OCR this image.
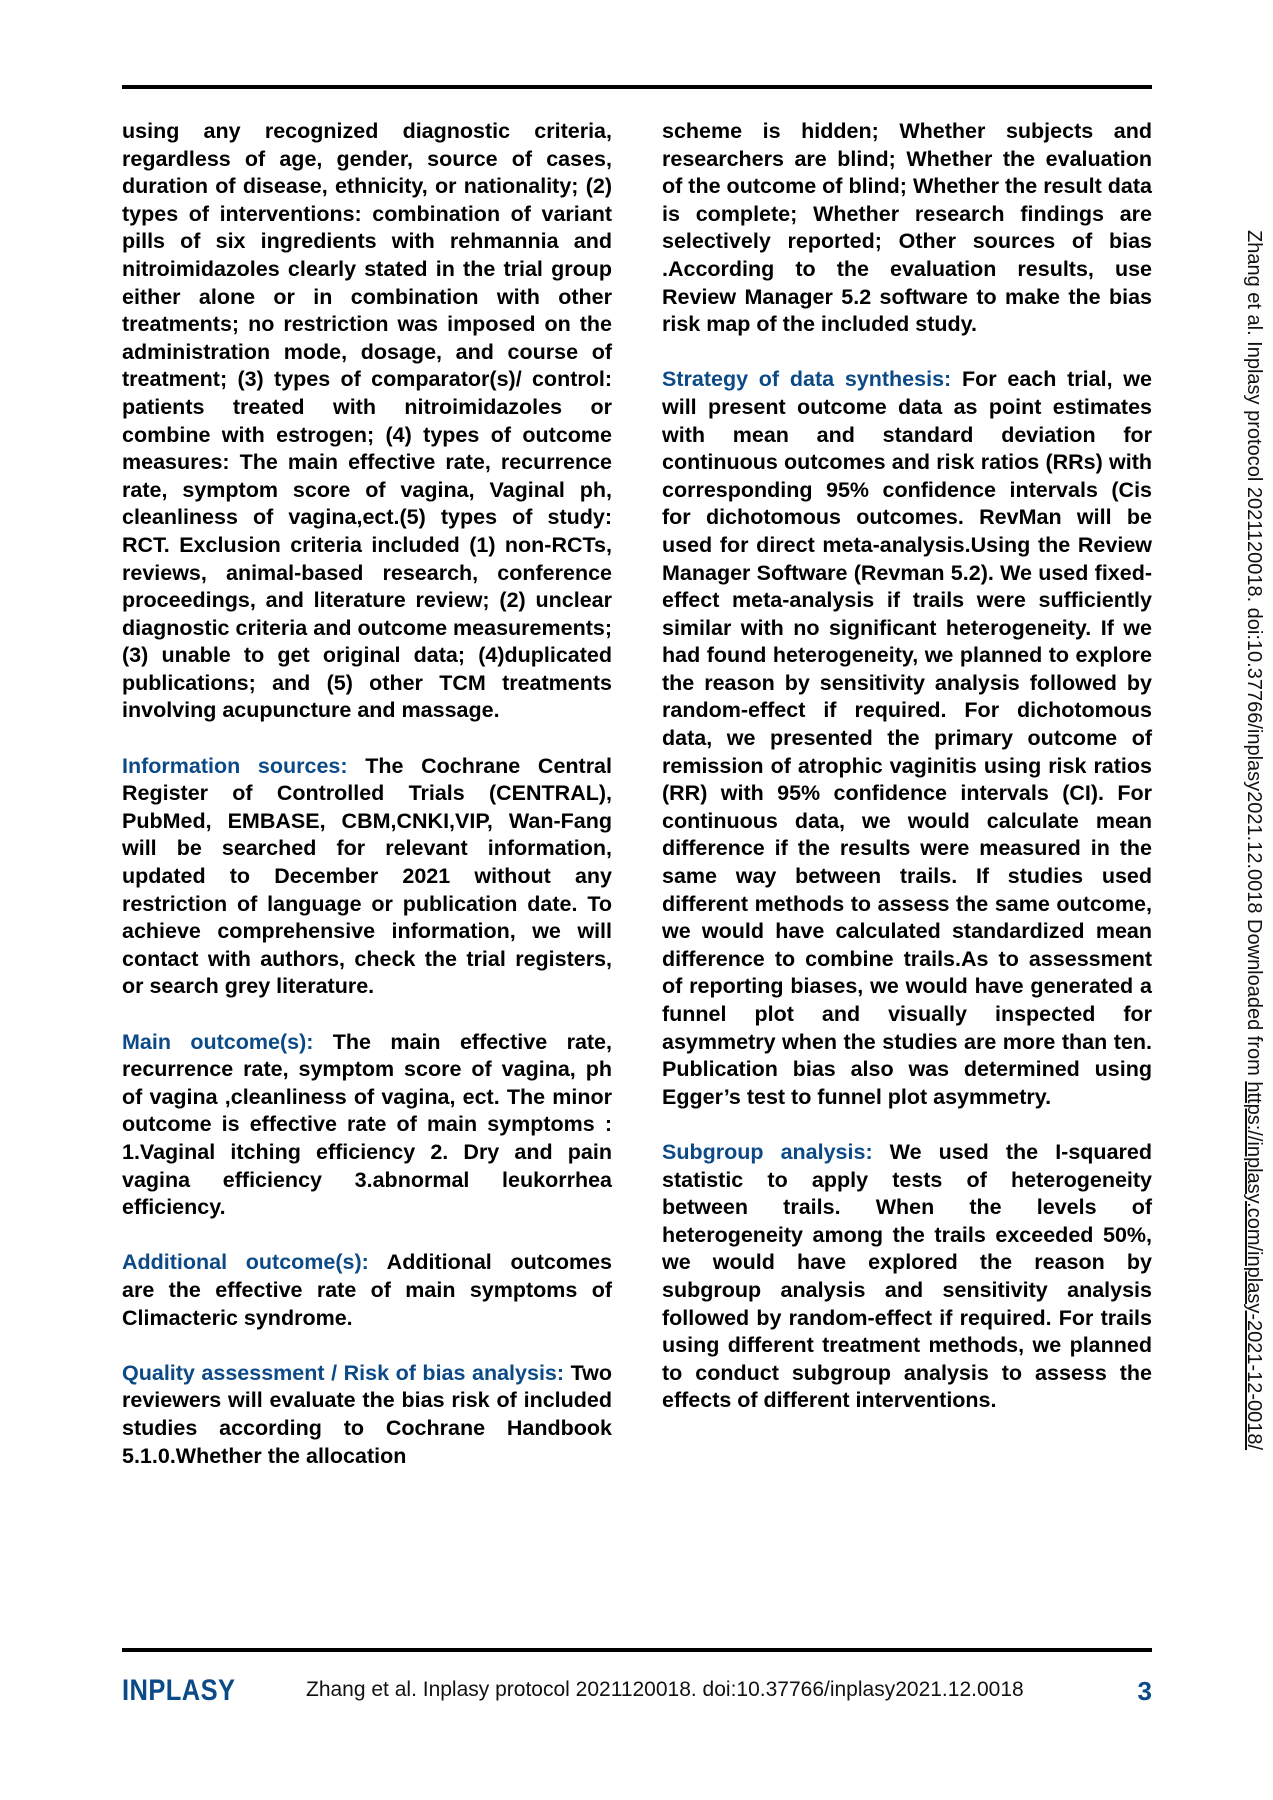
using any recognized diagnostic criteria, regardless of age, gender, source of cases, duration of disease, ethnicity, or nationality; (2) types of interventions: combination of variant pills of six ingredients with rehmannia and nitroimidazoles clearly stated in the trial group either alone or in combination with other treatments; no restriction was imposed on the administration mode, dosage, and course of treatment; (3) types of comparator(s)/ control: patients treated with nitroimidazoles or combine with estrogen; (4) types of outcome measures: The main effective rate, recurrence rate, symptom score of vagina, Vaginal ph, cleanliness of vagina,ect.(5) types of study: RCT. Exclusion criteria included (1) non-RCTs, reviews, animal-based research, conference proceedings, and literature review; (2) unclear diagnostic criteria and outcome measurements; (3) unable to get original data; (4)duplicated publications; and (5) other TCM treatments involving acupuncture and massage.

Information sources: The Cochrane Central Register of Controlled Trials (CENTRAL), PubMed, EMBASE, CBM,CNKI,VIP, Wan-Fang will be searched for relevant information, updated to December 2021 without any restriction of language or publication date. To achieve comprehensive information, we will contact with authors, check the trial registers, or search grey literature.

Main outcome(s): The main effective rate, recurrence rate, symptom score of vagina, ph of vagina ,cleanliness of vagina, ect. The minor outcome is effective rate of main symptoms : 1.Vaginal itching efficiency 2. Dry and pain vagina efficiency 3.abnormal leukorrhea efficiency.

Additional outcome(s): Additional outcomes are the effective rate of main symptoms of Climacteric syndrome.

Quality assessment / Risk of bias analysis: Two reviewers will evaluate the bias risk of included studies according to Cochrane Handbook 5.1.0.Whether the allocation

scheme is hidden; Whether subjects and researchers are blind; Whether the evaluation of the outcome of blind; Whether the result data is complete; Whether research findings are selectively reported; Other sources of bias .According to the evaluation results, use Review Manager 5.2 software to make the bias risk map of the included study.

Strategy of data synthesis: For each trial, we will present outcome data as point estimates with mean and standard deviation for continuous outcomes and risk ratios (RRs) with corresponding 95% confidence intervals (Cis for dichotomous outcomes. RevMan will be used for direct meta-analysis.Using the Review Manager Software (Revman 5.2). We used fixed-effect meta-analysis if trails were sufficiently similar with no significant heterogeneity. If we had found heterogeneity, we planned to explore the reason by sensitivity analysis followed by random-effect if required. For dichotomous data, we presented the primary outcome of remission of atrophic vaginitis using risk ratios (RR) with 95% confidence intervals (CI). For continuous data, we would calculate mean difference if the results were measured in the same way between trails. If studies used different methods to assess the same outcome, we would have calculated standardized mean difference to combine trails.As to assessment of reporting biases, we would have generated a funnel plot and visually inspected for asymmetry when the studies are more than ten. Publication bias also was determined using Egger’s test to funnel plot asymmetry.

Subgroup analysis: We used the I-squared statistic to apply tests of heterogeneity between trails. When the levels of heterogeneity among the trails exceeded 50%, we would have explored the reason by subgroup analysis and sensitivity analysis followed by random-effect if required. For trails using different treatment methods, we planned to conduct subgroup analysis to assess the effects of different interventions.

Zhang et al. Inplasy protocol 2021120018. doi:10.37766/inplasy2021.12.0018 Downloaded from https://inplasy.com/inplasy-2021-12-0018/
INPLASY	Zhang et al. Inplasy protocol 2021120018. doi:10.37766/inplasy2021.12.0018	3
